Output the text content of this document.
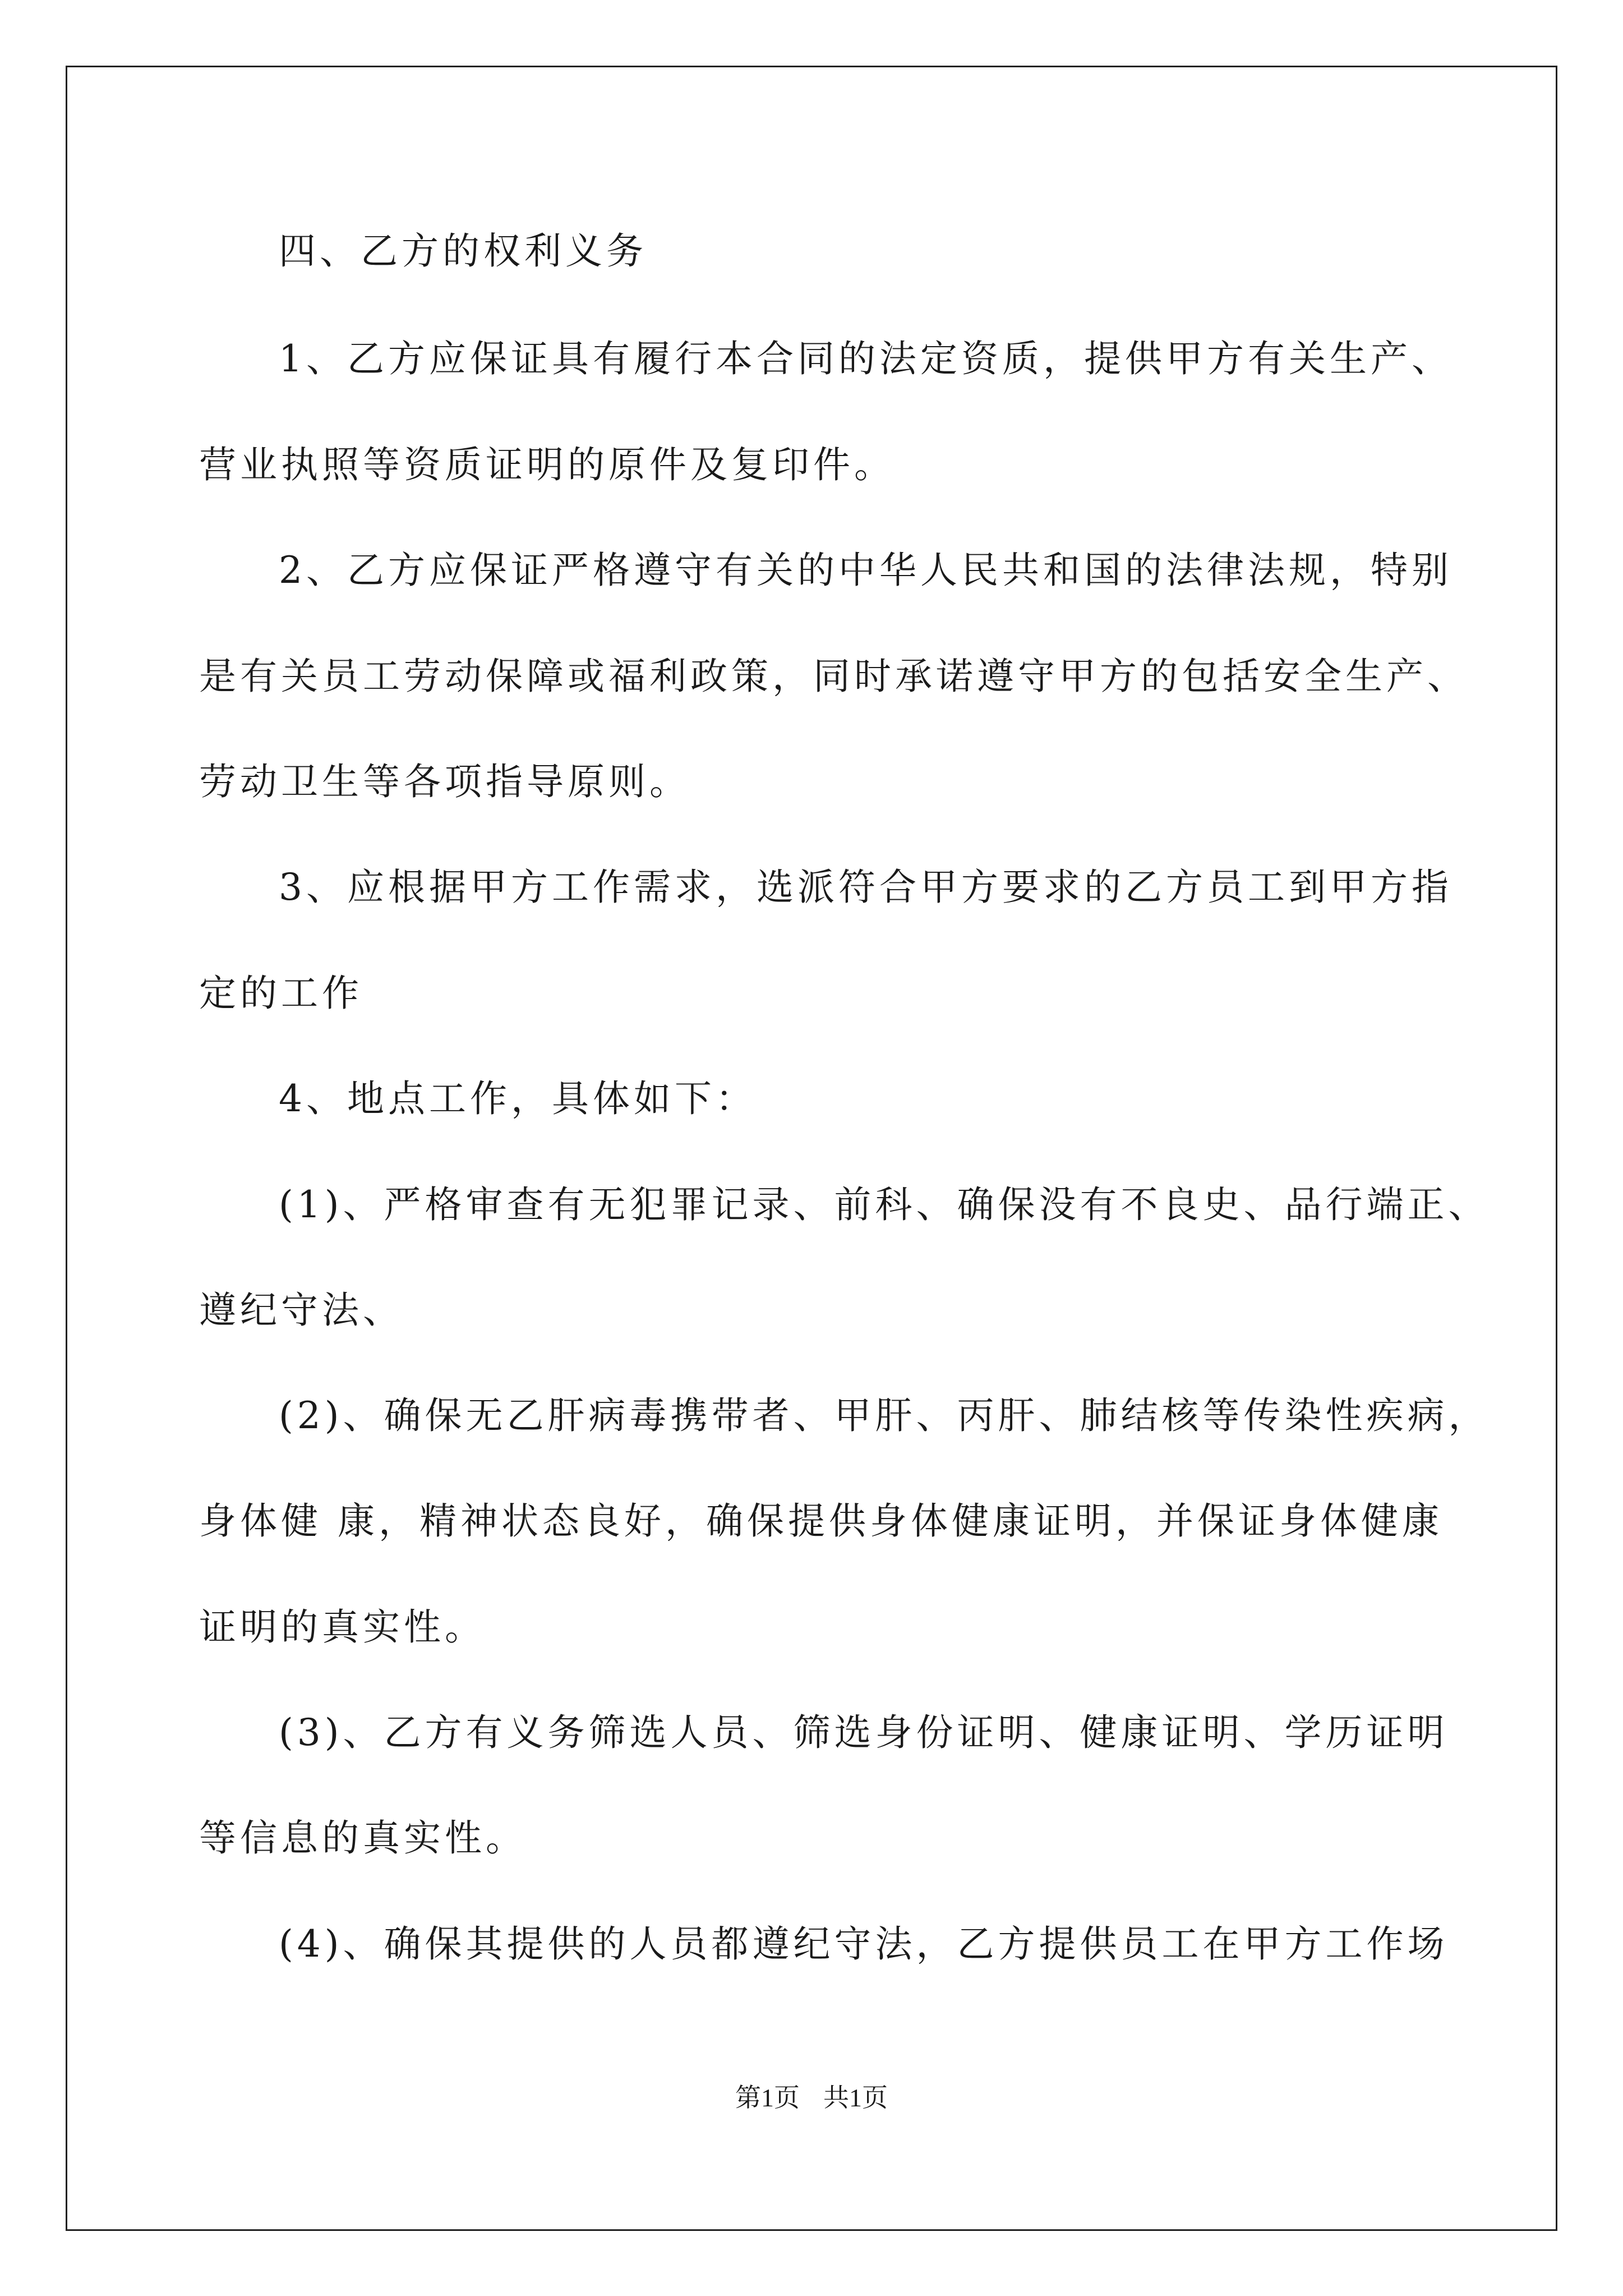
四、乙方的权利义务
1、乙方应保证具有履行本合同的法定资质，提供甲方有关生产、
营业执照等资质证明的原件及复印件。
2、乙方应保证严格遵守有关的中华人民共和国的法律法规，特别
是有关员工劳动保障或福利政策，同时承诺遵守甲方的包括安全生产、
劳动卫生等各项指导原则。
3、应根据甲方工作需求，选派符合甲方要求的乙方员工到甲方指
定的工作
4、地点工作，具体如下：
(1)、严格审查有无犯罪记录、前科、确保没有不良史、品行端正、
遵纪守法、
(2)、确保无乙肝病毒携带者、甲肝、丙肝、肺结核等传染性疾病，
身体健 康，精神状态良好，确保提供身体健康证明，并保证身体健康
证明的真实性。
(3)、乙方有义务筛选人员、筛选身份证明、健康证明、学历证明
等信息的真实性。
(4)、确保其提供的人员都遵纪守法，乙方提供员工在甲方工作场
第1页 共1页
